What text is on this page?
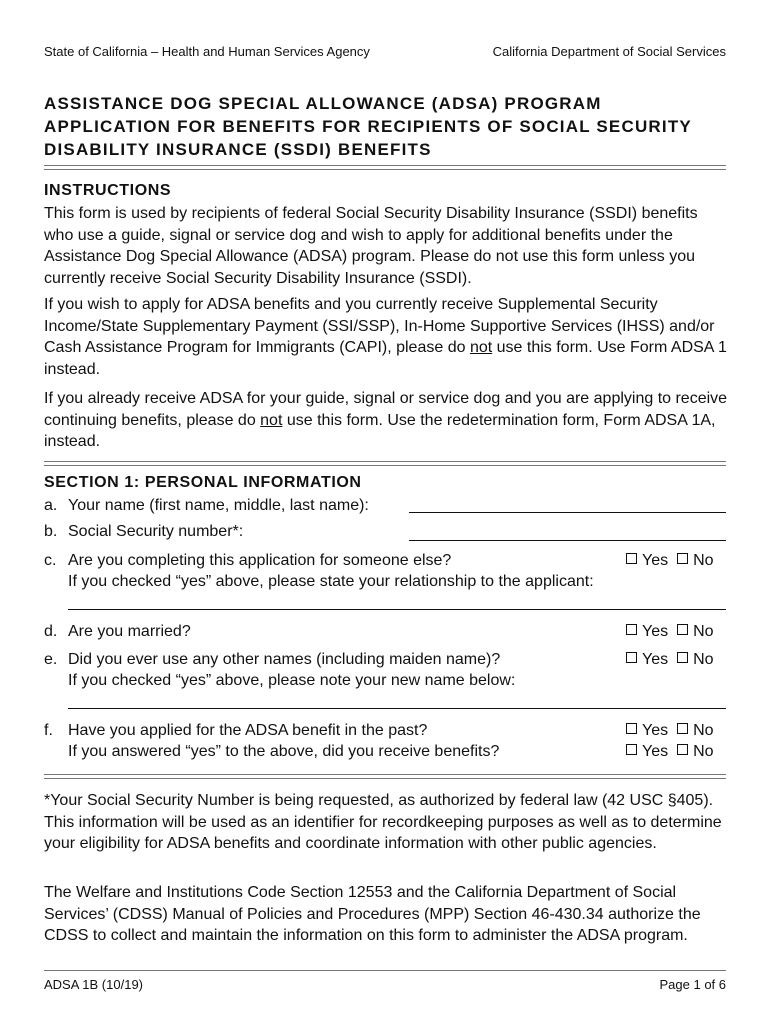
State of California – Health and Human Services Agency	California Department of Social Services
ASSISTANCE DOG SPECIAL ALLOWANCE (ADSA) PROGRAM APPLICATION FOR BENEFITS FOR RECIPIENTS OF SOCIAL SECURITY DISABILITY INSURANCE (SSDI) BENEFITS
INSTRUCTIONS

This form is used by recipients of federal Social Security Disability Insurance (SSDI) benefits who use a guide, signal or service dog and wish to apply for additional benefits under the Assistance Dog Special Allowance (ADSA) program. Please do not use this form unless you currently receive Social Security Disability Insurance (SSDI).

If you wish to apply for ADSA benefits and you currently receive Supplemental Security Income/State Supplementary Payment (SSI/SSP), In-Home Supportive Services (IHSS) and/or Cash Assistance Program for Immigrants (CAPI), please do not use this form. Use Form ADSA 1 instead.

If you already receive ADSA for your guide, signal or service dog and you are applying to receive continuing benefits, please do not use this form. Use the redetermination form, Form ADSA 1A, instead.

SECTION 1: PERSONAL INFORMATION
a. Your name (first name, middle, last name):
b. Social Security number*:
c. Are you completing this application for someone else?	Yes No
If you checked “yes” above, please state your relationship to the applicant:
d. Are you married?	Yes No
e. Did you ever use any other names (including maiden name)?	Yes No
If you checked “yes” above, please note your new name below:
f. Have you applied for the ADSA benefit in the past?	Yes No
If you answered “yes” to the above, did you receive benefits?	Yes No

*Your Social Security Number is being requested, as authorized by federal law (42 USC §405). This information will be used as an identifier for recordkeeping purposes as well as to determine your eligibility for ADSA benefits and coordinate information with other public agencies.

The Welfare and Institutions Code Section 12553 and the California Department of Social Services’ (CDSS) Manual of Policies and Procedures (MPP) Section 46-430.34 authorize the CDSS to collect and maintain the information on this form to administer the ADSA program.

ADSA 1B (10/19)	Page 1 of 6
